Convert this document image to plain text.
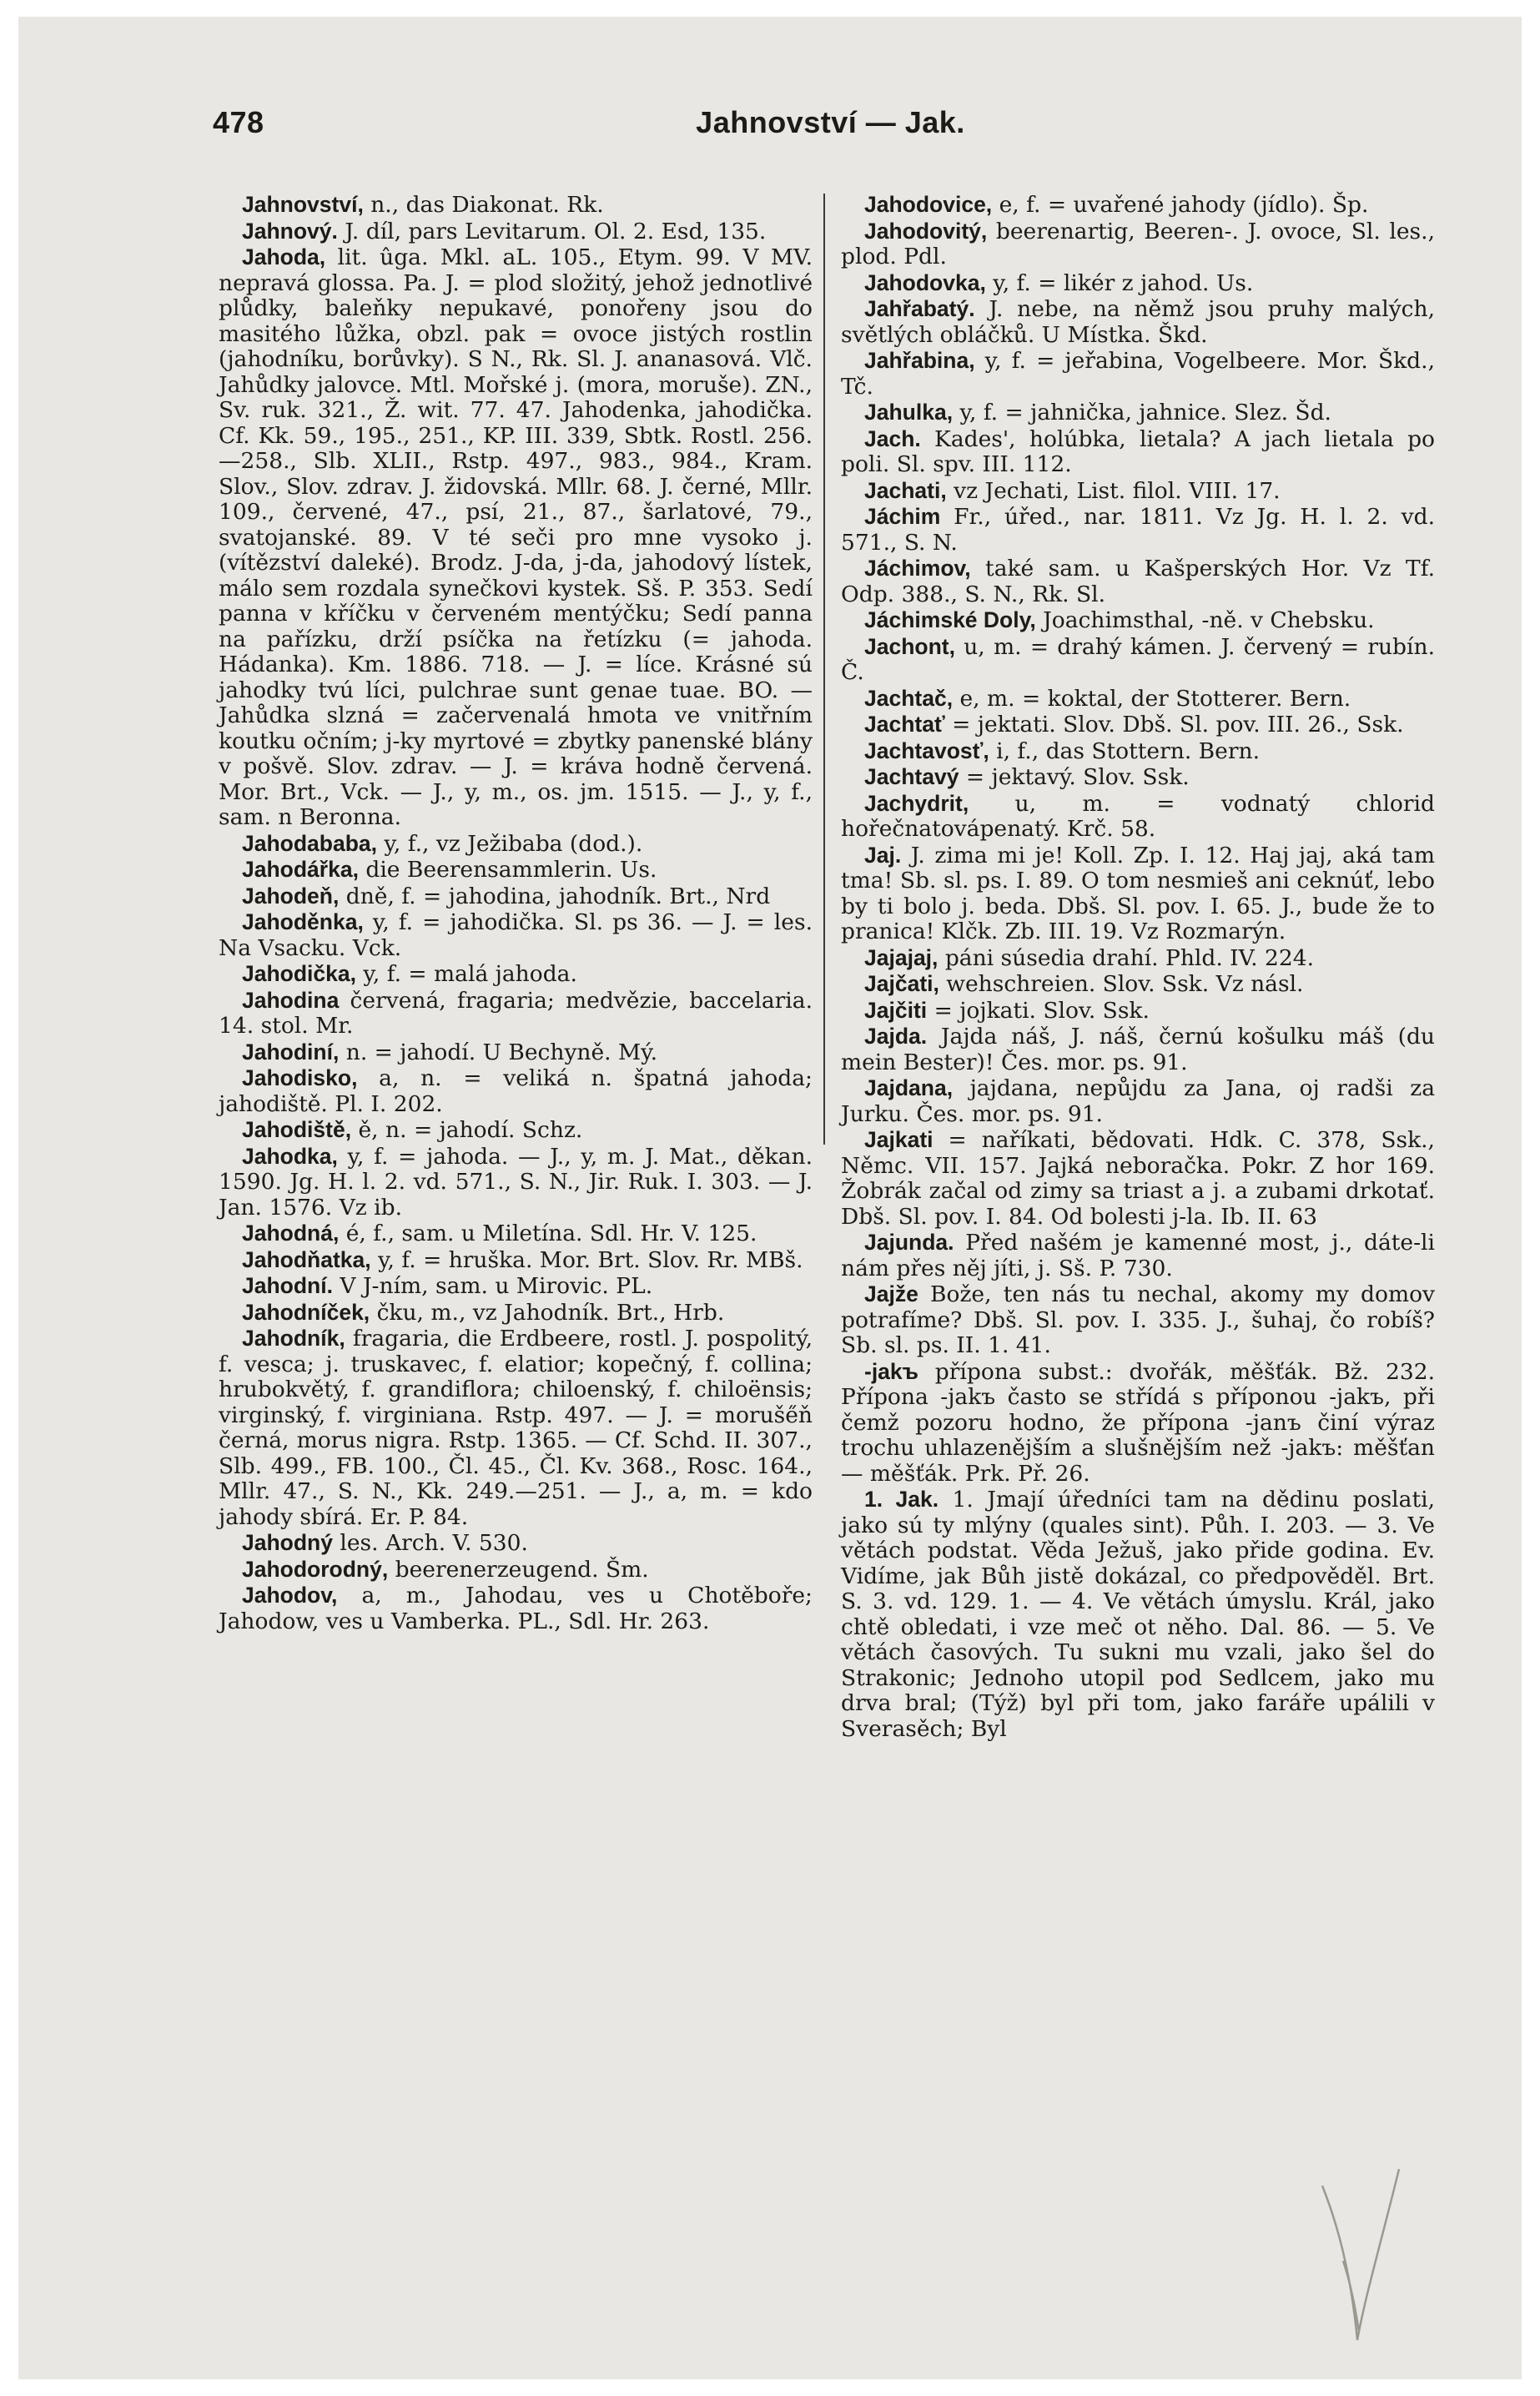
478	Jahnovství — Jak.

Jahnovství, n., das Diakonat. Rk.

Jahnový. J. díl, pars Levitarum. Ol. 2. Esd, 135.

Jahoda, lit. ûga. Mkl. aL. 105., Etym. 99. V MV. nepravá glossa. Pa. J. = plod složitý, jehož jednotlivé plůdky, baleňky nepukavé, ponořeny jsou do masitého lůžka, obzl. pak = ovoce jistých rostlin (jahodníku, borůvky). S N., Rk. Sl. J. ananasová. Vlč. Jahůdky jalovce. Mtl. Mořské j. (mora, moruše). ZN., Sv. ruk. 321., Ž. wit. 77. 47. Jahodenka, jahodička. Cf. Kk. 59., 195., 251., KP. III. 339, Sbtk. Rostl. 256.—258., Slb. XLII., Rstp. 497., 983., 984., Kram. Slov., Slov. zdrav. J. židovská. Mllr. 68. J. černé, Mllr. 109., červené, 47., psí, 21., 87., šarlatové, 79., svatojanské. 89. V té seči pro mne vysoko j. (vítězství daleké). Brodz. J-da, j-da, jahodový lístek, málo sem rozdala synečkovi kystek. Sš. P. 353. Sedí panna v kříčku v červeném mentýčku; Sedí panna na pařízku, drží psíčka na řetízku (= jahoda. Hádanka). Km. 1886. 718. — J. = líce. Krásné sú jahodky tvú líci, pulchrae sunt genae tuae. BO. — Jahůdka slzná = začervenalá hmota ve vnitřním koutku očním; j-ky myrtové = zbytky panenské blány v pošvě. Slov. zdrav. — J. = kráva hodně červená. Mor. Brt., Vck. — J., y, m., os. jm. 1515. — J., y, f., sam. n Beronna.

Jahodababa, y, f., vz Ježibaba (dod.).

Jahodářka, die Beerensammlerin. Us.

Jahodeň, dně, f. = jahodina, jahodník. Brt., Nrd

Jahoděnka, y, f. = jahodička. Sl. ps 36. — J. = les. Na Vsacku. Vck.

Jahodička, y, f. = malá jahoda.

Jahodina červená, fragaria; medvězie, baccelaria. 14. stol. Mr.

Jahodiní, n. = jahodí. U Bechyně. Mý.

Jahodisko, a, n. = veliká n. špatná jahoda; jahodiště. Pl. I. 202.

Jahodiště, ě, n. = jahodí. Schz.

Jahodka, y, f. = jahoda. — J., y, m. J. Mat., děkan. 1590. Jg. H. l. 2. vd. 571., S. N., Jir. Ruk. I. 303. — J. Jan. 1576. Vz ib.

Jahodná, é, f., sam. u Miletína. Sdl. Hr. V. 125.

Jahodňatka, y, f. = hruška. Mor. Brt. Slov. Rr. MBš.

Jahodní. V J-ním, sam. u Mirovic. PL.

Jahodníček, čku, m., vz Jahodník. Brt., Hrb.

Jahodník, fragaria, die Erdbeere, rostl. J. pospolitý, f. vesca; j. truskavec, f. elatior; kopečný, f. collina; hrubokvětý, f. grandiflora; chiloenský, f. chiloënsis; virginský, f. virginiana. Rstp. 497. — J. = moruše̋ň černá, morus nigra. Rstp. 1365. — Cf. Schd. II. 307., Slb. 499., FB. 100., Čl. 45., Čl. Kv. 368., Rosc. 164., Mllr. 47., S. N., Kk. 249.—251. — J., a, m. = kdo jahody sbírá. Er. P. 84.

Jahodný les. Arch. V. 530.

Jahodorodný, beerenerzeugend. Šm.

Jahodov, a, m., Jahodau, ves u Chotěboře; Jahodow, ves u Vamberka. PL., Sdl. Hr. 263.

Jahodovice, e, f. = uvařené jahody (jídlo). Šp.

Jahodovitý, beerenartig, Beeren-. J. ovoce, Sl. les., plod. Pdl.

Jahodovka, y, f. = likér z jahod. Us.

Jahřabatý. J. nebe, na němž jsou pruhy malých, světlých obláčků. U Místka. Škd.

Jahřabina, y, f. = jeřabina, Vogelbeere. Mor. Škd., Tč.

Jahulka, y, f. = jahnička, jahnice. Slez. Šd.

Jach. Kades', holúbka, lietala? A jach lietala po poli. Sl. spv. III. 112.

Jachati, vz Jechati, List. filol. VIII. 17.

Jáchim Fr., úřed., nar. 1811. Vz Jg. H. l. 2. vd. 571., S. N.

Jáchimov, také sam. u Kašperských Hor. Vz Tf. Odp. 388., S. N., Rk. Sl.

Jáchimské Doly, Joachimsthal, -ně. v Chebsku.

Jachont, u, m. = drahý kámen. J. červený = rubín. Č.

Jachtač, e, m. = koktal, der Stotterer. Bern.

Jachtať = jektati. Slov. Dbš. Sl. pov. III. 26., Ssk.

Jachtavosť, i, f., das Stottern. Bern.

Jachtavý = jektavý. Slov. Ssk.

Jachydrit, u, m. = vodnatý chlorid hořečnatovápenatý. Krč. 58.

Jaj. J. zima mi je! Koll. Zp. I. 12. Haj jaj, aká tam tma! Sb. sl. ps. I. 89. O tom nesmieš ani ceknúť, lebo by ti bolo j. beda. Dbš. Sl. pov. I. 65. J., bude že to pranica! Klčk. Zb. III. 19. Vz Rozmarýn.

Jajajaj, páni súsedia drahí. Phld. IV. 224.

Jajčati, wehschreien. Slov. Ssk. Vz násl.

Jajčiti = jojkati. Slov. Ssk.

Jajda. Jajda náš, J. náš, černú košulku máš (du mein Bester)! Čes. mor. ps. 91.

Jajdana, jajdana, nepůjdu za Jana, oj radši za Jurku. Čes. mor. ps. 91.

Jajkati = naříkati, bědovati. Hdk. C. 378, Ssk., Němc. VII. 157. Jajká neboračka. Pokr. Z hor 169. Žobrák začal od zimy sa triast a j. a zubami drkotať. Dbš. Sl. pov. I. 84. Od bolesti j-la. Ib. II. 63

Jajunda. Před našém je kamenné most, j., dáte-li nám přes něj jíti, j. Sš. P. 730.

Jajže Bože, ten nás tu nechal, akomy my domov potrafíme? Dbš. Sl. pov. I. 335. J., šuhaj, čo robíš? Sb. sl. ps. II. 1. 41.

-jakъ přípona subst.: dvořák, měšťák. Bž. 232. Přípona -jakъ často se střídá s příponou -jakъ, při čemž pozoru hodno, že přípona -janъ činí výraz trochu uhlazenějším a slušnějším než -jakъ: měšťan — měšťák. Prk. Př. 26.

1. Jak. 1. Jmají úředníci tam na dědinu poslati, jako sú ty mlýny (quales sint). Půh. I. 203. — 3. Ve větách podstat. Věda Ježuš, jako přide godina. Ev. Vidíme, jak Bůh jistě dokázal, co předpověděl. Brt. S. 3. vd. 129. 1. — 4. Ve větách úmyslu. Král, jako chtě obledati, i vze meč ot něho. Dal. 86. — 5. Ve větách časových. Tu sukni mu vzali, jako šel do Strakonic; Jednoho utopil pod Sedlcem, jako mu drva bral; (Týž) byl při tom, jako faráře upálili v Sverasěch; Byl
